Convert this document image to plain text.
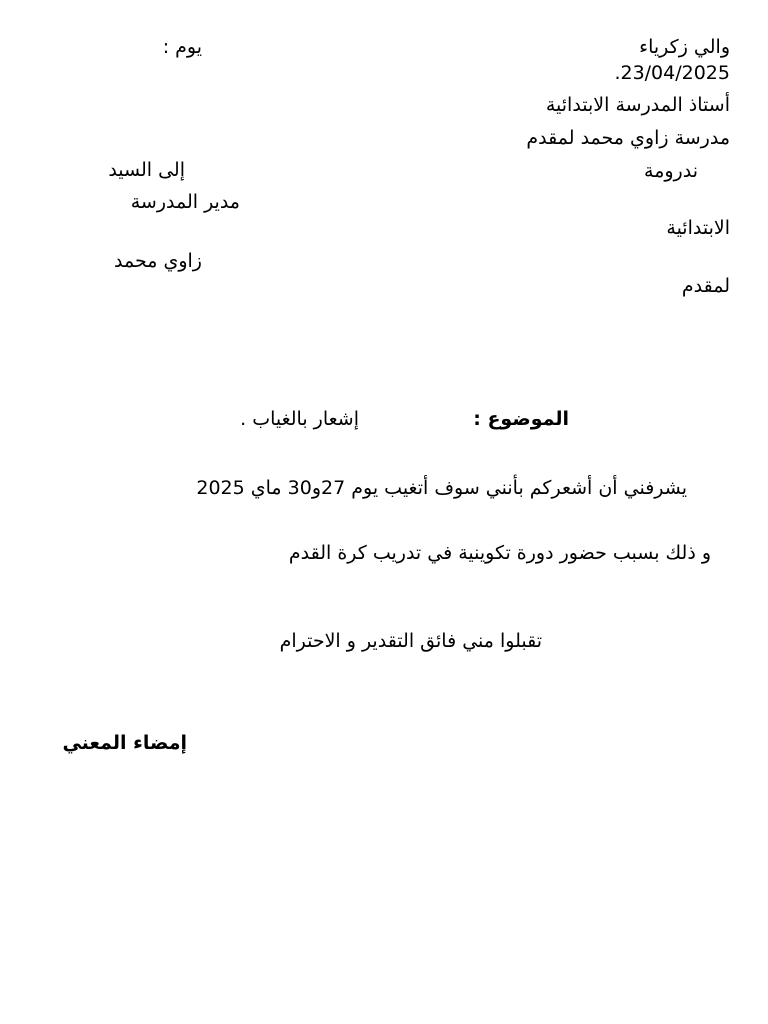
والي زكرياء
.23/04/2025
أستاذ المدرسة الابتدائية
مدرسة زاوي محمد لمقدم
ندرومة
يوم :
إلى السيد
مدير المدرسة
الابتدائية
زاوي محمد
لمقدم
الموضوع :
إشعار بالغياب .
يشرفني أن أشعركم بأنني سوف أتغيب يوم 27و30 ماي 2025
و ذلك بسبب حضور دورة تكوينية في تدريب كرة القدم
تقبلوا مني فائق التقدير و الاحترام
إمضاء المعني
